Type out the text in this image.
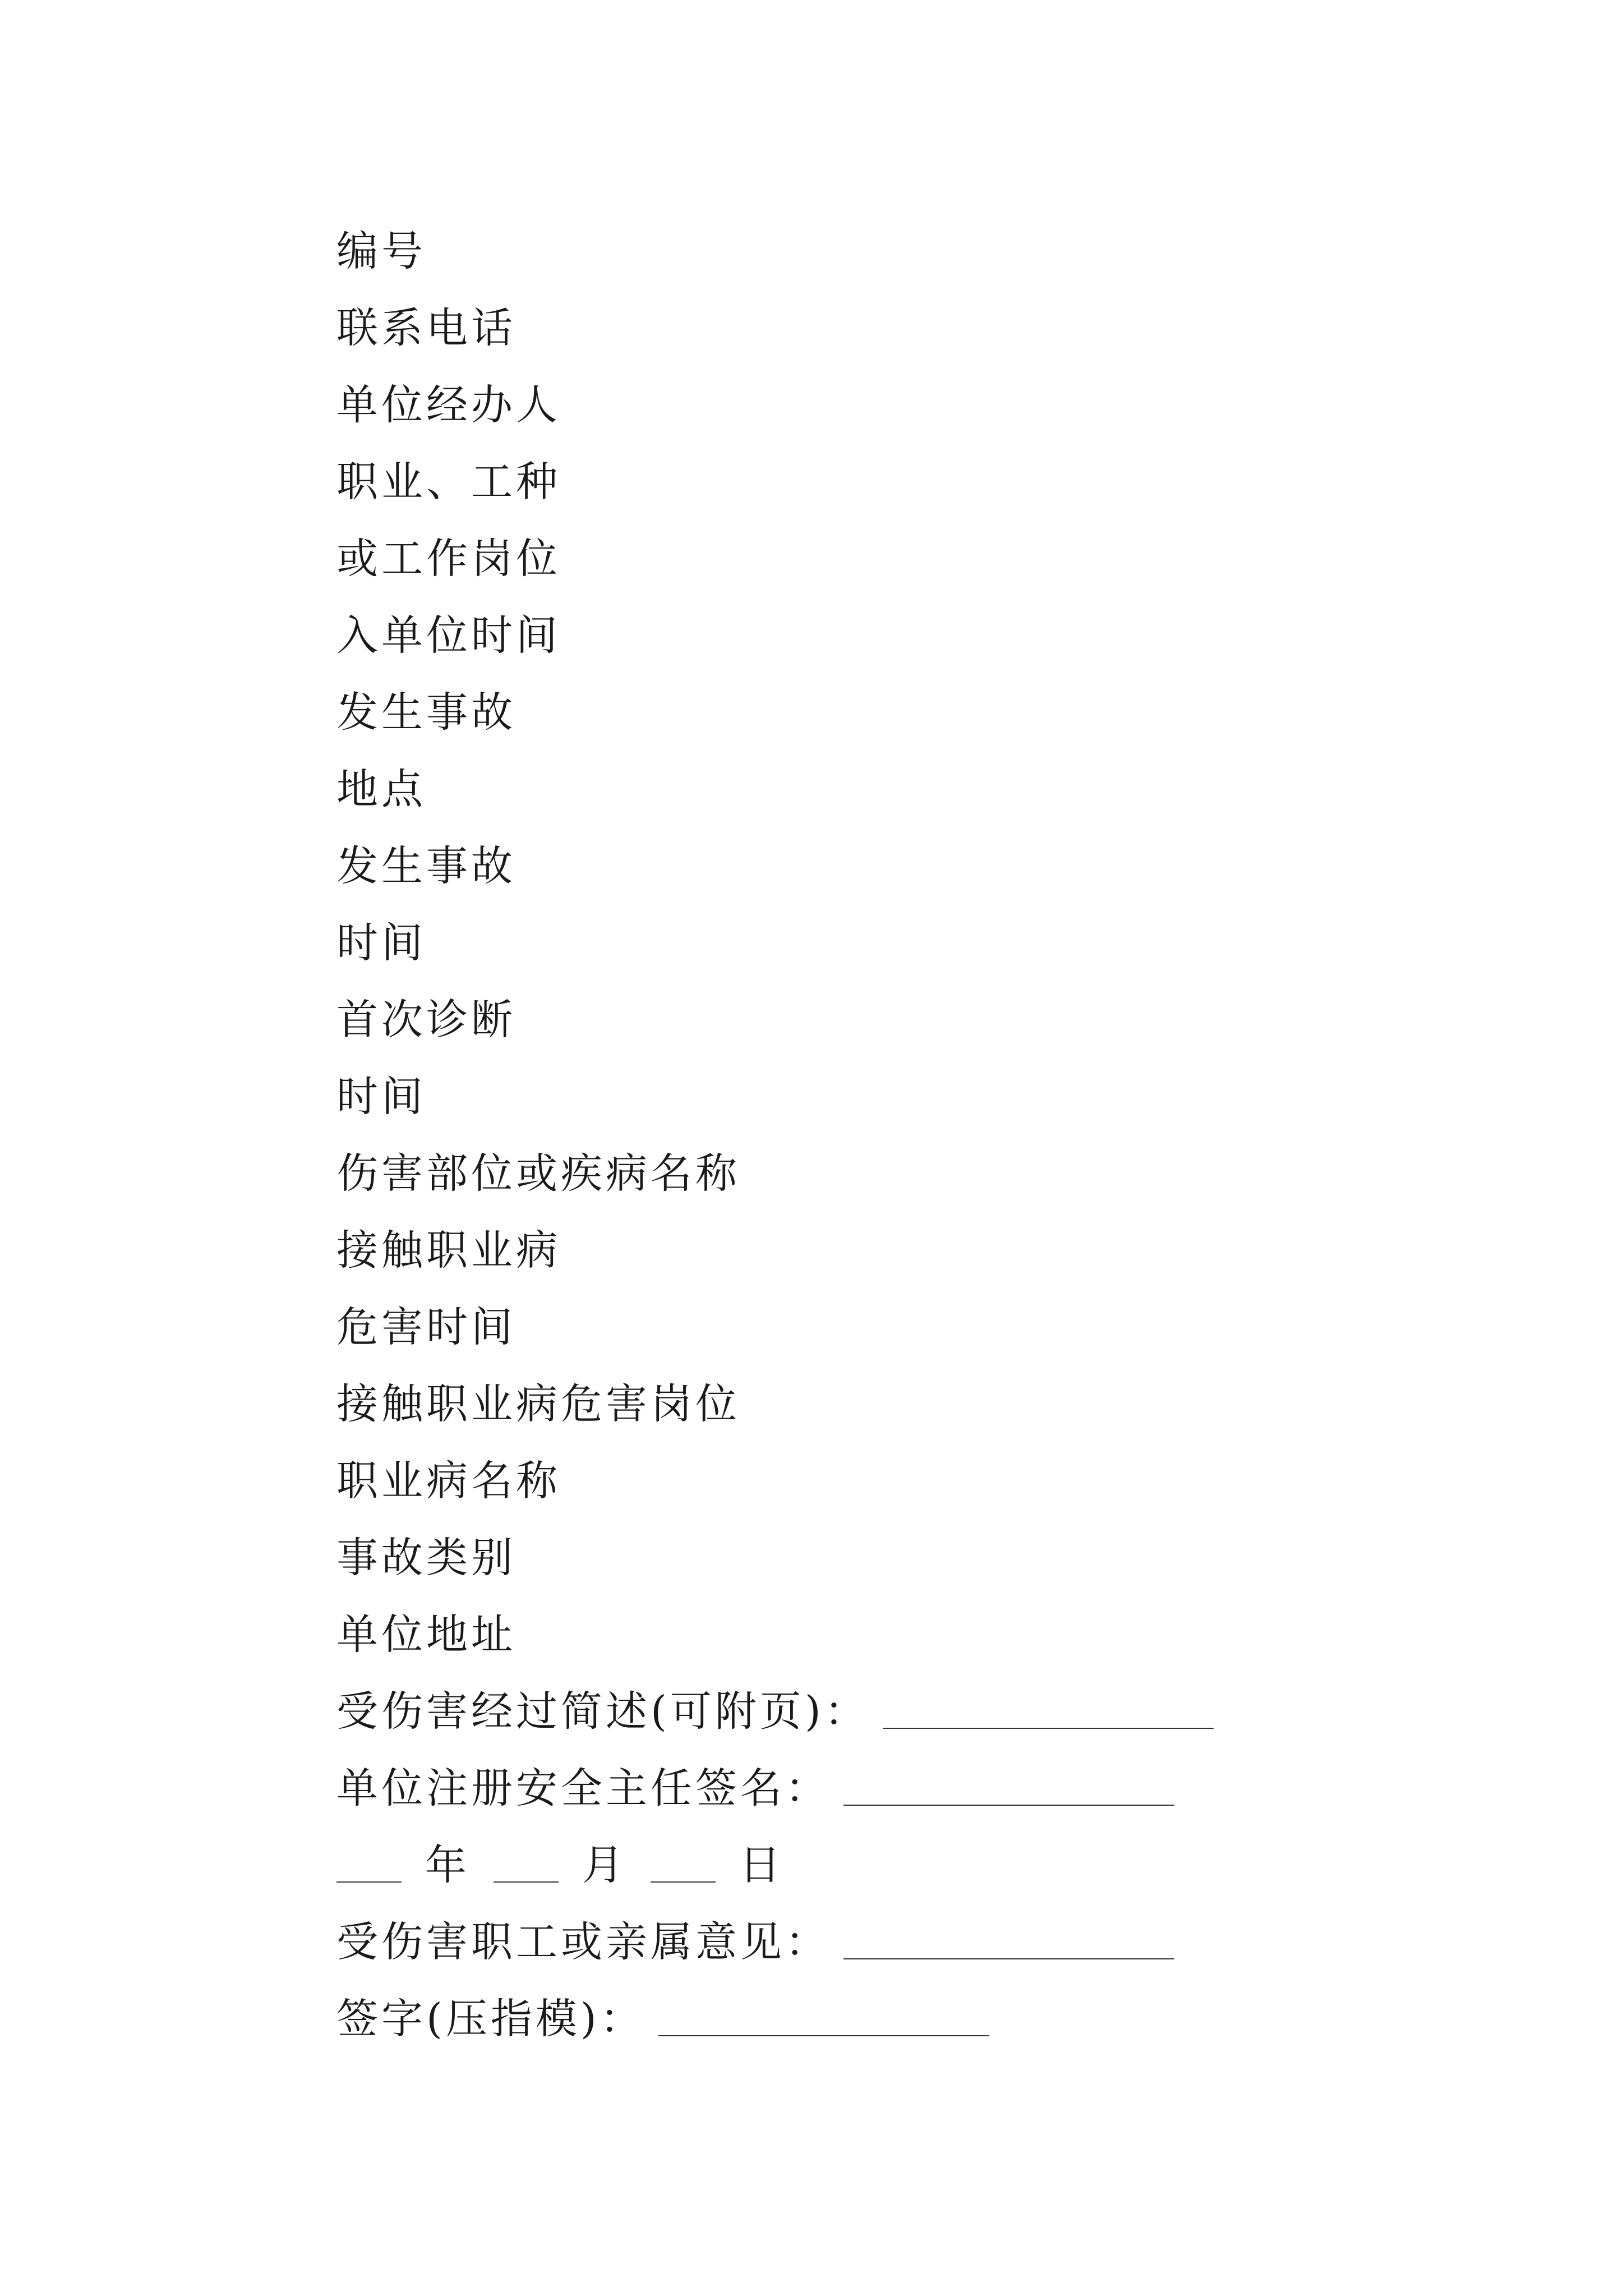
编号
联系电话
单位经办人
职业、工种
或工作岗位
入单位时间
发生事故
地点
发生事故
时间
首次诊断
时间
伤害部位或疾病名称
接触职业病
危害时间
接触职业病危害岗位
职业病名称
事故类别
单位地址
受伤害经过简述(可附页)：
单位注册安全主任签名：
年	月	日
受伤害职工或亲属意见：
签字(压指模)：
